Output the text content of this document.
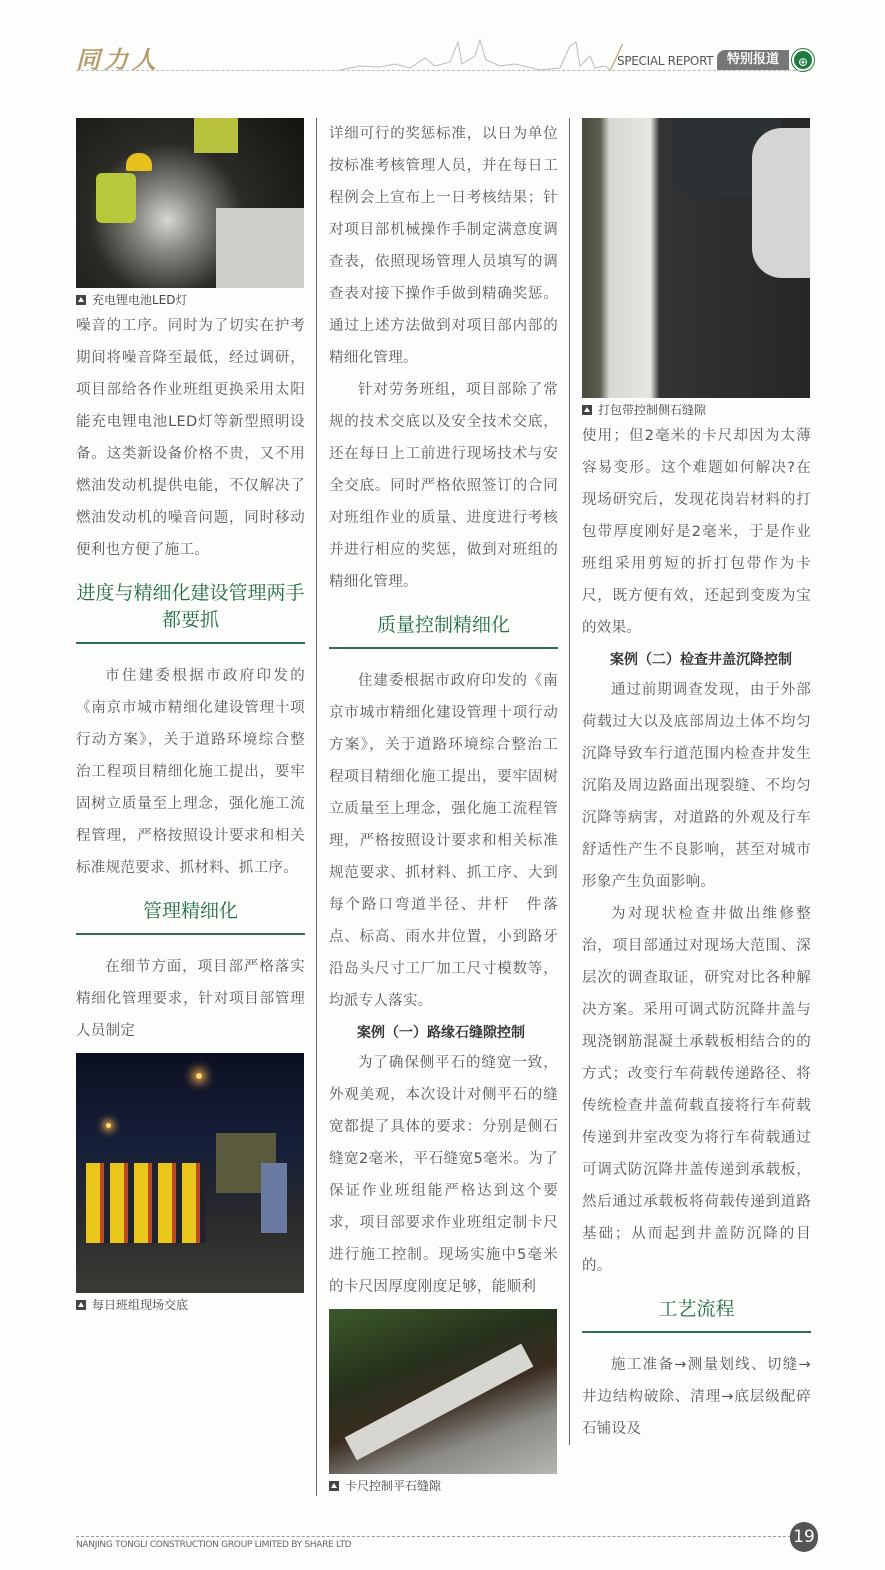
同力人	SPECIAL REPORT	特别报道	⊕
充电锂电池LED灯
噪音的工序。同时为了切实在护考期间将噪音降至最低，经过调研，项目部给各作业班组更换采用太阳能充电锂电池LED灯等新型照明设备。这类新设备价格不贵，又不用燃油发动机提供电能，不仅解决了燃油发动机的噪音问题，同时移动便利也方便了施工。
进度与精细化建设管理两手都要抓
市住建委根据市政府印发的《南京市城市精细化建设管理十项行动方案》，关于道路环境综合整治工程项目精细化施工提出，要牢固树立质量至上理念，强化施工流程管理，严格按照设计要求和相关标准规范要求、抓材料、抓工序。
管理精细化
在细节方面，项目部严格落实精细化管理要求，针对项目部管理人员制定
每日班组现场交底
详细可行的奖惩标准，以日为单位按标准考核管理人员，并在每日工程例会上宣布上一日考核结果；针对项目部机械操作手制定满意度调查表，依照现场管理人员填写的调查表对接下操作手做到精确奖惩。通过上述方法做到对项目部内部的精细化管理。
针对劳务班组，项目部除了常规的技术交底以及安全技术交底，还在每日上工前进行现场技术与安全交底。同时严格依照签订的合同对班组作业的质量、进度进行考核并进行相应的奖惩，做到对班组的精细化管理。
质量控制精细化
住建委根据市政府印发的《南京市城市精细化建设管理十项行动方案》，关于道路环境综合整治工程项目精细化施工提出，要牢固树立质量至上理念，强化施工流程管理，严格按照设计要求和相关标准规范要求、抓材料、抓工序、大到每个路口弯道半径、井杆　件落点、标高、雨水井位置，小到路牙沿岛头尺寸工厂加工尺寸模数等，均派专人落实。
案例（一）路缘石缝隙控制
为了确保侧平石的缝宽一致，外观美观，本次设计对侧平石的缝宽都提了具体的要求：分别是侧石缝宽2毫米，平石缝宽5毫米。为了保证作业班组能严格达到这个要求，项目部要求作业班组定制卡尺进行施工控制。现场实施中5毫米的卡尺因厚度刚度足够，能顺利
卡尺控制平石缝隙
打包带控制侧石缝隙
使用；但2毫米的卡尺却因为太薄容易变形。这个难题如何解决?在现场研究后，发现花岗岩材料的打包带厚度刚好是2毫米，于是作业班组采用剪短的折打包带作为卡尺，既方便有效，还起到变废为宝的效果。
案例（二）检查井盖沉降控制
通过前期调查发现，由于外部荷载过大以及底部周边土体不均匀沉降导致车行道范围内检查井发生沉陷及周边路面出现裂缝、不均匀沉降等病害，对道路的外观及行车舒适性产生不良影响，甚至对城市形象产生负面影响。
为对现状检查井做出维修整治，项目部通过对现场大范围、深层次的调查取证，研究对比各种解决方案。采用可调式防沉降井盖与现浇钢筋混凝土承载板相结合的的方式；改变行车荷载传递路径、将传统检查井盖荷载直接将行车荷载传递到井室改变为将行车荷载通过可调式防沉降井盖传递到承载板，然后通过承载板将荷载传递到道路基础；从而起到井盖防沉降的目的。
工艺流程
施工准备→测量划线、切缝→井边结构破除、清理→底层级配碎石铺设及
NANJING TONGLI CONSTRUCTION GROUP LIMITED BY SHARE LTD	19
